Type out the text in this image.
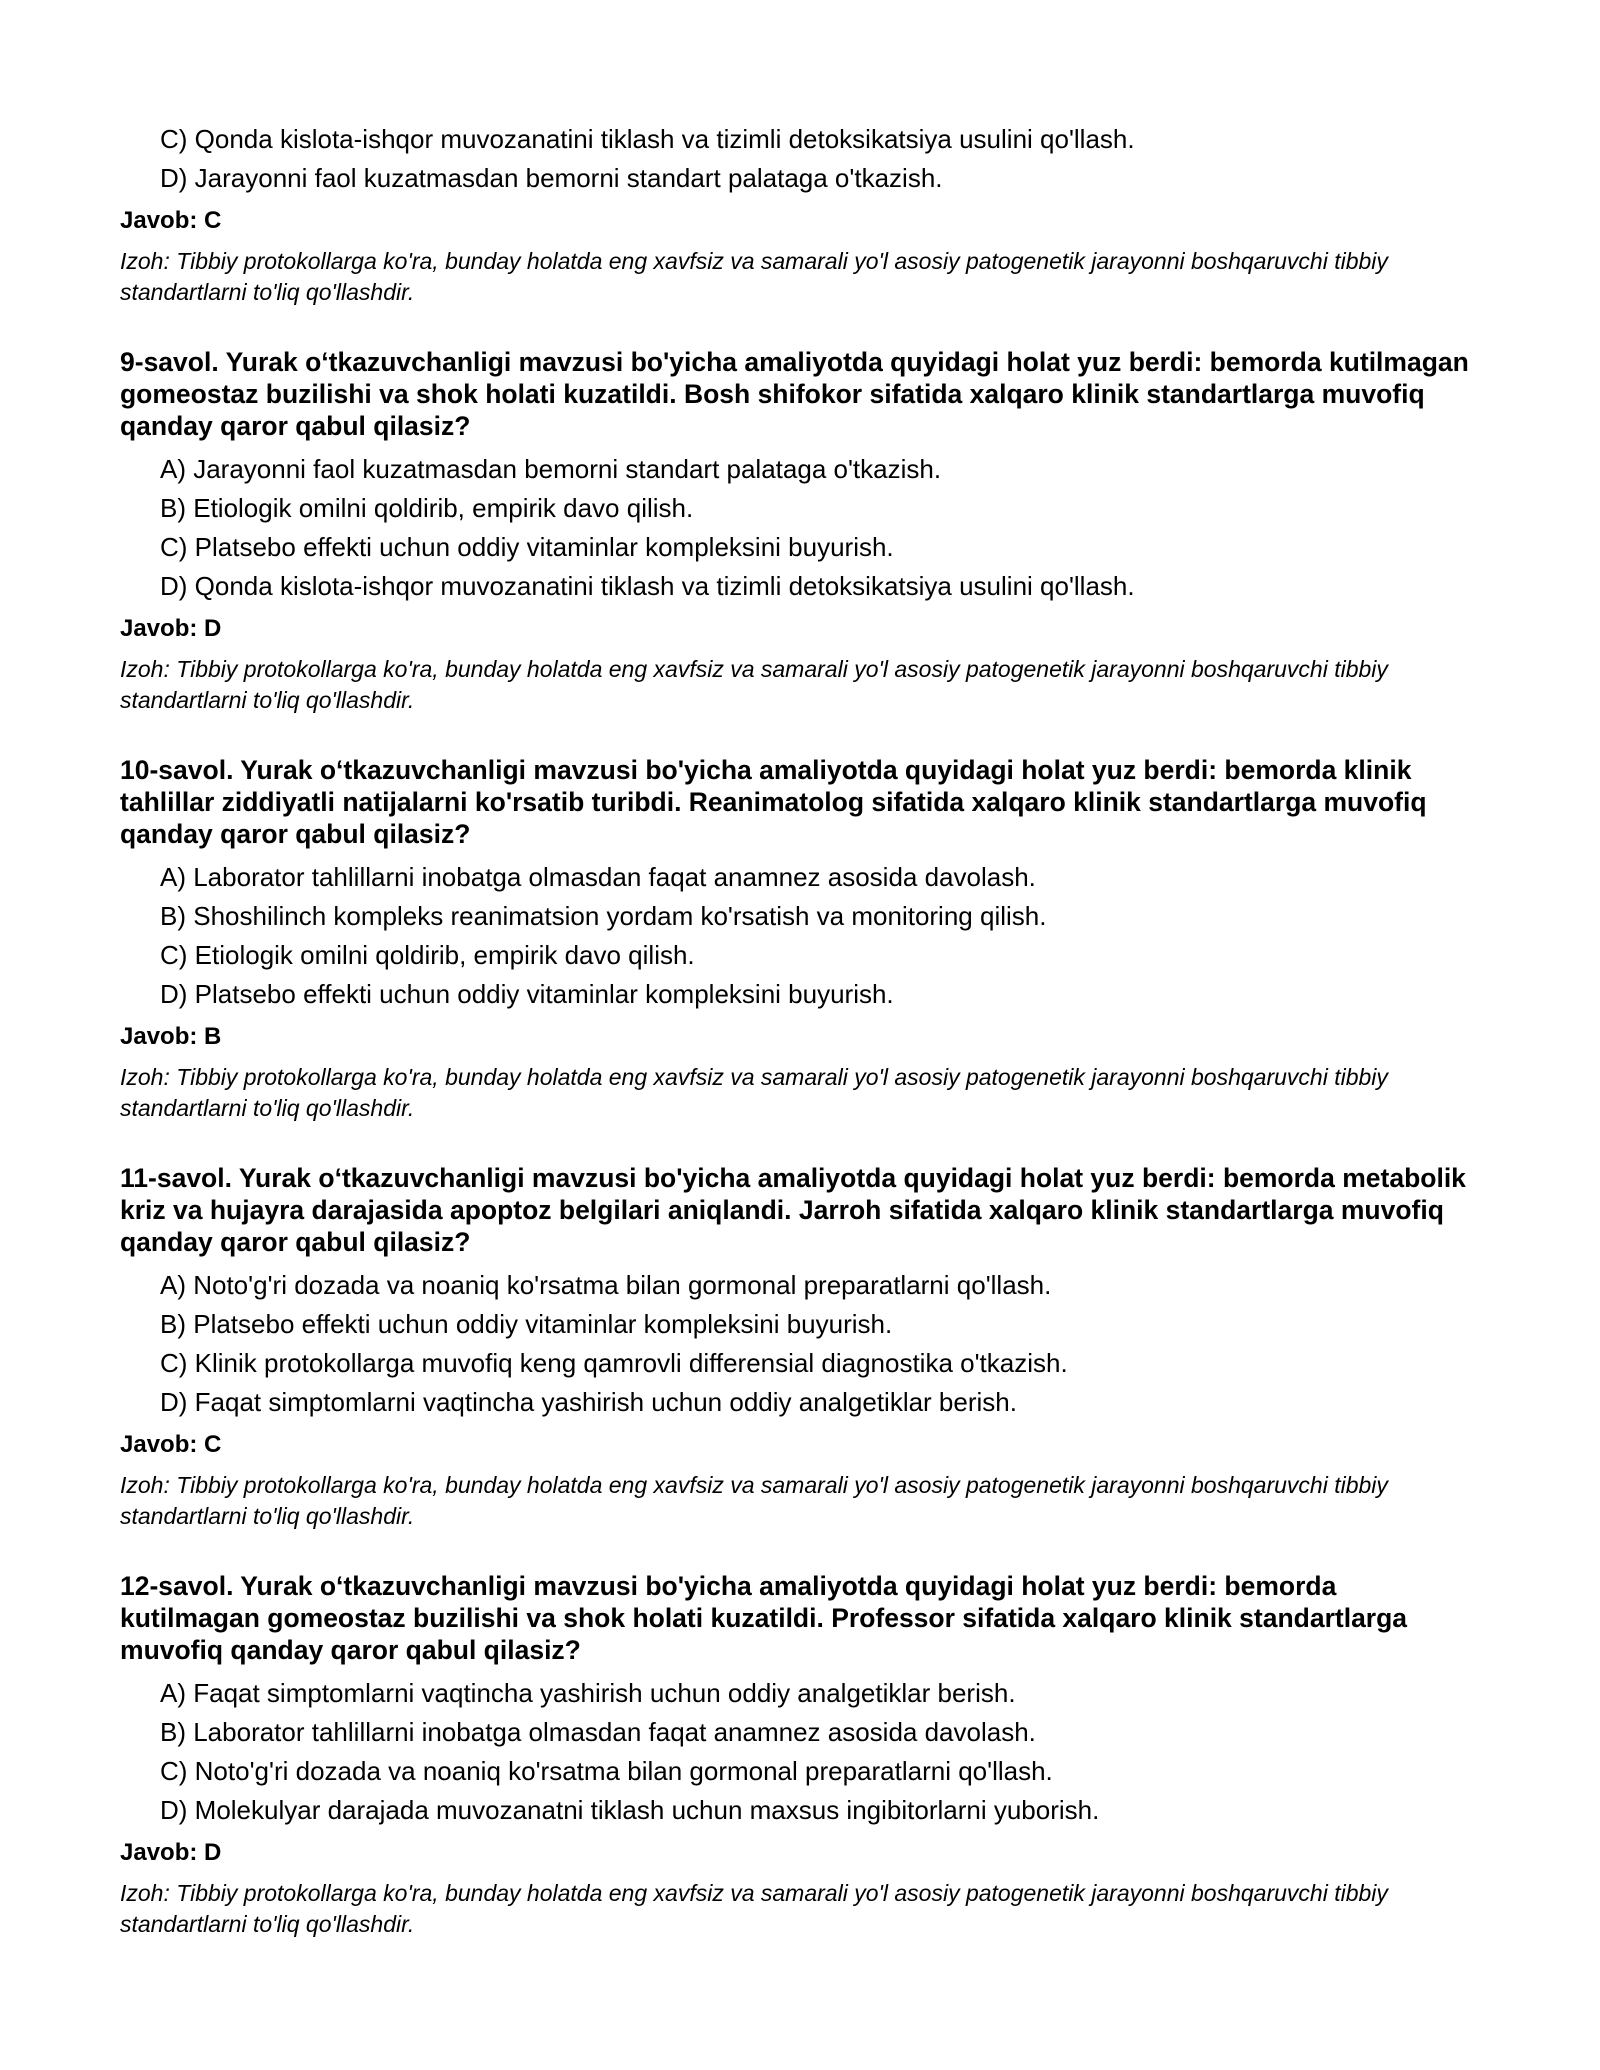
C) Qonda kislota-ishqor muvozanatini tiklash va tizimli detoksikatsiya usulini qo'llash.
D) Jarayonni faol kuzatmasdan bemorni standart palataga o'tkazish.
Javob: C
Izoh: Tibbiy protokollarga ko'ra, bunday holatda eng xavfsiz va samarali yo'l asosiy patogenetik jarayonni boshqaruvchi tibbiy standartlarni to'liq qo'llashdir.
9-savol. Yurak o‘tkazuvchanligi mavzusi bo'yicha amaliyotda quyidagi holat yuz berdi: bemorda kutilmagan gomeostaz buzilishi va shok holati kuzatildi. Bosh shifokor sifatida xalqaro klinik standartlarga muvofiq qanday qaror qabul qilasiz?
A) Jarayonni faol kuzatmasdan bemorni standart palataga o'tkazish.
B) Etiologik omilni qoldirib, empirik davo qilish.
C) Platsebo effekti uchun oddiy vitaminlar kompleksini buyurish.
D) Qonda kislota-ishqor muvozanatini tiklash va tizimli detoksikatsiya usulini qo'llash.
Javob: D
Izoh: Tibbiy protokollarga ko'ra, bunday holatda eng xavfsiz va samarali yo'l asosiy patogenetik jarayonni boshqaruvchi tibbiy standartlarni to'liq qo'llashdir.
10-savol. Yurak o‘tkazuvchanligi mavzusi bo'yicha amaliyotda quyidagi holat yuz berdi: bemorda klinik tahlillar ziddiyatli natijalarni ko'rsatib turibdi. Reanimatolog sifatida xalqaro klinik standartlarga muvofiq qanday qaror qabul qilasiz?
A) Laborator tahlillarni inobatga olmasdan faqat anamnez asosida davolash.
B) Shoshilinch kompleks reanimatsion yordam ko'rsatish va monitoring qilish.
C) Etiologik omilni qoldirib, empirik davo qilish.
D) Platsebo effekti uchun oddiy vitaminlar kompleksini buyurish.
Javob: B
Izoh: Tibbiy protokollarga ko'ra, bunday holatda eng xavfsiz va samarali yo'l asosiy patogenetik jarayonni boshqaruvchi tibbiy standartlarni to'liq qo'llashdir.
11-savol. Yurak o‘tkazuvchanligi mavzusi bo'yicha amaliyotda quyidagi holat yuz berdi: bemorda metabolik kriz va hujayra darajasida apoptoz belgilari aniqlandi. Jarroh sifatida xalqaro klinik standartlarga muvofiq qanday qaror qabul qilasiz?
A) Noto'g'ri dozada va noaniq ko'rsatma bilan gormonal preparatlarni qo'llash.
B) Platsebo effekti uchun oddiy vitaminlar kompleksini buyurish.
C) Klinik protokollarga muvofiq keng qamrovli differensial diagnostika o'tkazish.
D) Faqat simptomlarni vaqtincha yashirish uchun oddiy analgetiklar berish.
Javob: C
Izoh: Tibbiy protokollarga ko'ra, bunday holatda eng xavfsiz va samarali yo'l asosiy patogenetik jarayonni boshqaruvchi tibbiy standartlarni to'liq qo'llashdir.
12-savol. Yurak o‘tkazuvchanligi mavzusi bo'yicha amaliyotda quyidagi holat yuz berdi: bemorda kutilmagan gomeostaz buzilishi va shok holati kuzatildi. Professor sifatida xalqaro klinik standartlarga muvofiq qanday qaror qabul qilasiz?
A) Faqat simptomlarni vaqtincha yashirish uchun oddiy analgetiklar berish.
B) Laborator tahlillarni inobatga olmasdan faqat anamnez asosida davolash.
C) Noto'g'ri dozada va noaniq ko'rsatma bilan gormonal preparatlarni qo'llash.
D) Molekulyar darajada muvozanatni tiklash uchun maxsus ingibitorlarni yuborish.
Javob: D
Izoh: Tibbiy protokollarga ko'ra, bunday holatda eng xavfsiz va samarali yo'l asosiy patogenetik jarayonni boshqaruvchi tibbiy standartlarni to'liq qo'llashdir.
